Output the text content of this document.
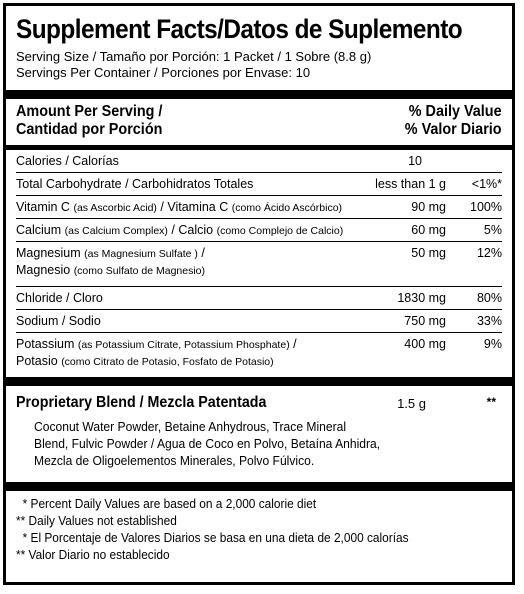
Supplement Facts/Datos de Suplemento
Serving Size / Tamaño por Porción: 1 Packet / 1 Sobre (8.8 g)
Servings Per Container / Porciones por Envase: 10
Amount Per Serving /
Cantidad por Porción
% Daily Value
% Valor Diario
Calories / Calorías	10
Total Carbohydrate / Carbohidratos Totales	less than 1 g <1%*
Vitamin C (as Ascorbic Acid) / Vitamina C (como Ácido Ascórbico)	90 mg 100%
Calcium (as Calcium Complex) / Calcio (como Complejo de Calcio)	60 mg	5%
Magnesium (as Magnesium Sulfate ) /
Magnesio (como Sulfato de Magnesio)
50 mg 12%
Chloride / Cloro	1830 mg 80%
Sodium / Sodio	750 mg 33%
Potassium (as Potassium Citrate, Potassium Phosphate) /
Potasio (como Citrato de Potasio, Fosfato de Potasio)
400 mg	9%
Proprietary Blend / Mezcla Patentada	1.5 g	**
Coconut Water Powder, Betaine Anhydrous, Trace Mineral
Blend, Fulvic Powder / Agua de Coco en Polvo, Betaína Anhidra,
Mezcla de Oligoelementos Minerales, Polvo Fúlvico.
* Percent Daily Values are based on a 2,000 calorie diet
** Daily Values not established
* El Porcentaje de Valores Diarios se basa en una dieta de 2,000 calorías
** Valor Diario no establecido
